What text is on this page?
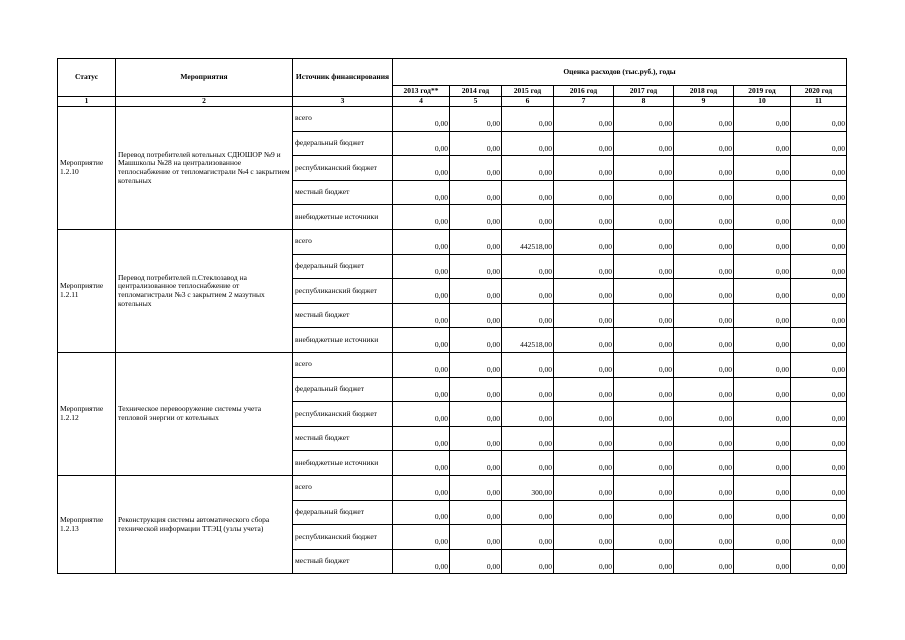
Статус	Мероприятия	Источник финансирования	Оценка расходов (тыс.руб.), годы							
			2013 год**	2014 год	2015 год	2016 год	2017 год	2018 год	2019 год	2020 год
1	2	3	4	5	6	7	8	9	10	11
Мероприятие 1.2.10	Перевод потребителей котельных СДЮШОР №9 и Машшколы №28 на централизованное теплоснабжение от тепломагистрали №4 с закрытием котельных	всего	0,00	0,00	0,00	0,00	0,00	0,00	0,00	0,00
		федеральный бюджет	0,00	0,00	0,00	0,00	0,00	0,00	0,00	0,00
		республиканский бюджет	0,00	0,00	0,00	0,00	0,00	0,00	0,00	0,00
		местный бюджет	0,00	0,00	0,00	0,00	0,00	0,00	0,00	0,00
		внебюджетные источники	0,00	0,00	0,00	0,00	0,00	0,00	0,00	0,00
Мероприятие 1.2.11	Перевод потребителей п.Стеклозавод на централизованное теплоснабжение от тепломагистрали №3 с закрытием 2 мазутных котельных	всего	0,00	0,00	442518,00	0,00	0,00	0,00	0,00	0,00
		федеральный бюджет	0,00	0,00	0,00	0,00	0,00	0,00	0,00	0,00
		республиканский бюджет	0,00	0,00	0,00	0,00	0,00	0,00	0,00	0,00
		местный бюджет	0,00	0,00	0,00	0,00	0,00	0,00	0,00	0,00
		внебюджетные источники	0,00	0,00	442518,00	0,00	0,00	0,00	0,00	0,00
Мероприятие 1.2.12	Техническое перевооружение системы учета тепловой энергии от котельных	всего	0,00	0,00	0,00	0,00	0,00	0,00	0,00	0,00
		федеральный бюджет	0,00	0,00	0,00	0,00	0,00	0,00	0,00	0,00
		республиканский бюджет	0,00	0,00	0,00	0,00	0,00	0,00	0,00	0,00
		местный бюджет	0,00	0,00	0,00	0,00	0,00	0,00	0,00	0,00
		внебюджетные источники	0,00	0,00	0,00	0,00	0,00	0,00	0,00	0,00
Мероприятие 1.2.13	Реконструкция системы автоматического сбора технической информации ТТЭЦ (узлы учета)	всего	0,00	0,00	300,00	0,00	0,00	0,00	0,00	0,00
		федеральный бюджет	0,00	0,00	0,00	0,00	0,00	0,00	0,00	0,00
		республиканский бюджет	0,00	0,00	0,00	0,00	0,00	0,00	0,00	0,00
		местный бюджет	0,00	0,00	0,00	0,00	0,00	0,00	0,00	0,00
